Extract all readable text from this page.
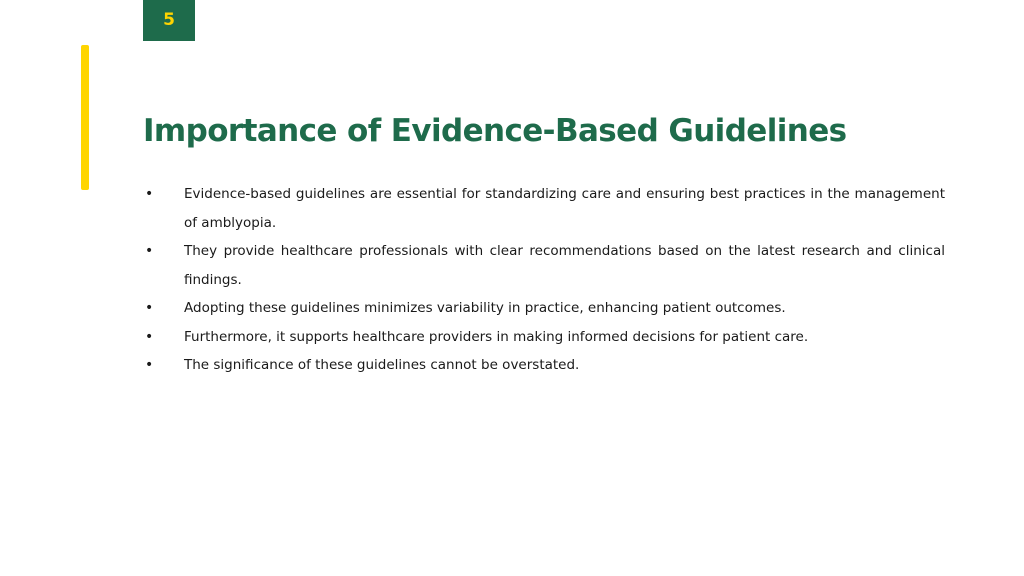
5
Importance of Evidence-Based Guidelines
•	Evidence-based guidelines are essential for standardizing care and ensuring best practices in the management of amblyopia.
•	They provide healthcare professionals with clear recommendations based on the latest research and clinical findings.
•	Adopting these guidelines minimizes variability in practice, enhancing patient outcomes.
•	Furthermore, it supports healthcare providers in making informed decisions for patient care.
•	The significance of these guidelines cannot be overstated.
